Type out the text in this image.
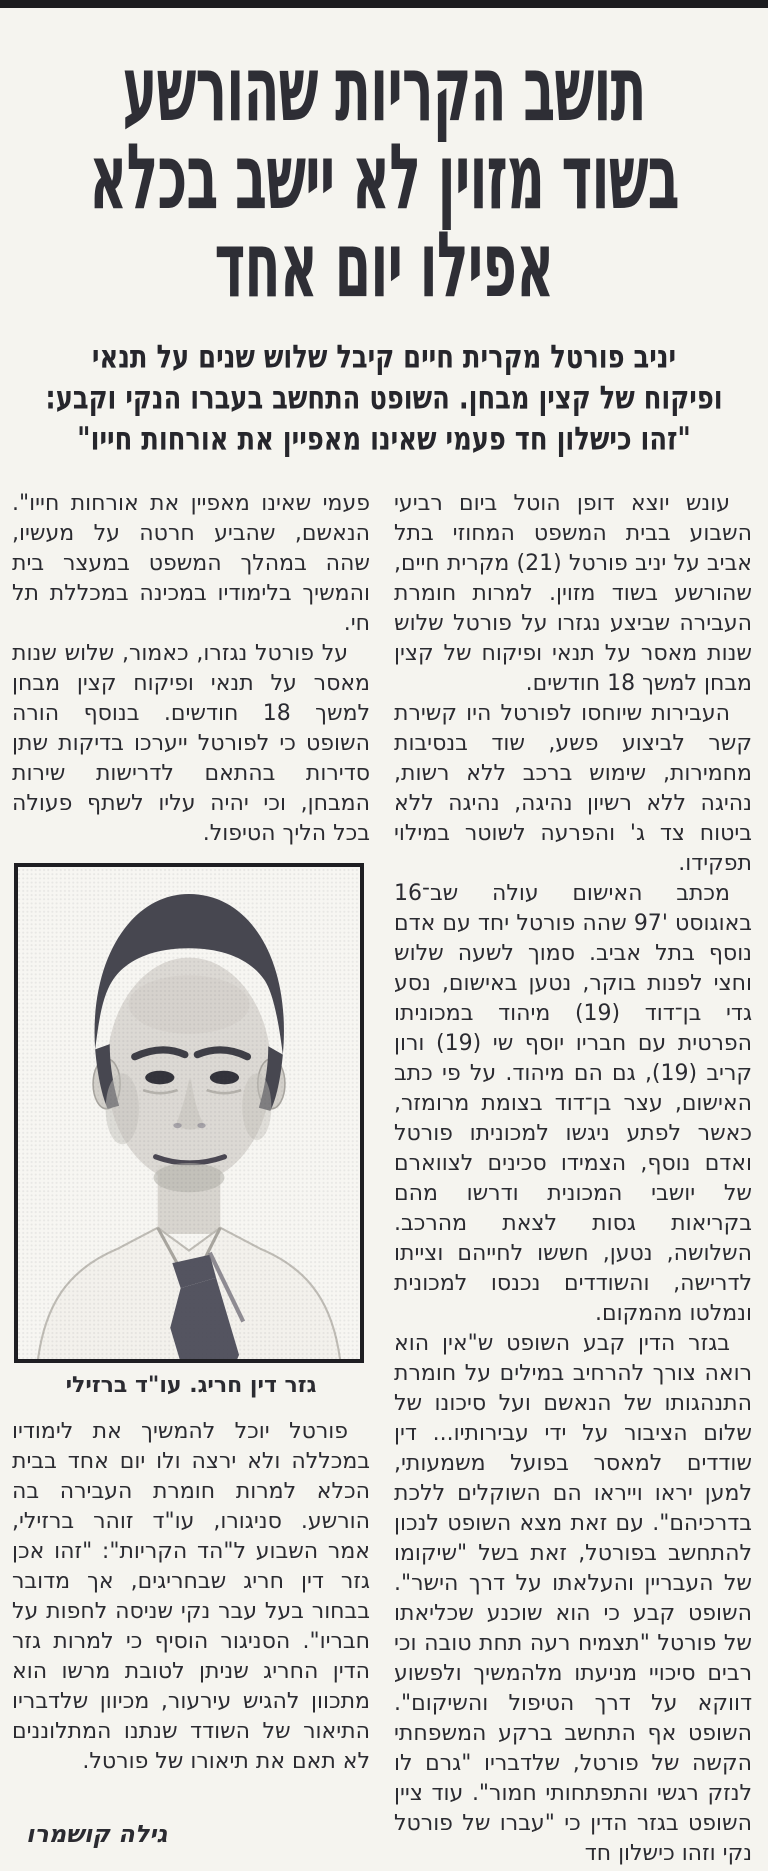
תושב הקריות שהורשע
בשוד מזוין לא יישב בכלא
אפילו יום אחד
יניב פורטל מקרית חיים קיבל שלוש שנים על תנאי
ופיקוח של קצין מבחן. השופט התחשב בעברו הנקי וקבע:
"זהו כישלון חד פעמי שאינו מאפיין את אורחות חייו"

עונש יוצא דופן הוטל ביום רביעי השבוע בבית המשפט המחוזי בתל אביב על יניב פורטל (21) מקרית חיים, שהורשע בשוד מזוין. למרות חומרת העבירה שביצע נגזרו על פורטל שלוש שנות מאסר על תנאי ופיקוח של קצין מבחן למשך 18 חודשים.

העבירות שיוחסו לפורטל היו קשירת קשר לביצוע פשע, שוד בנסיבות מחמירות, שימוש ברכב ללא רשות, נהיגה ללא רשיון נהיגה, נהיגה ללא ביטוח צד ג' והפרעה לשוטר במילוי תפקידו.

מכתב האישום עולה שב־16 באוגוסט '97 שהה פורטל יחד עם אדם נוסף בתל אביב. סמוך לשעה שלוש וחצי לפנות בוקר, נטען באישום, נסע גדי בן־דוד (19) מיהוד במכוניתו הפרטית עם חבריו יוסף שי (19) ורון קריב (19), גם הם מיהוד. על פי כתב האישום, עצר בן־דוד בצומת מרומזר, כאשר לפתע ניגשו למכוניתו פורטל ואדם נוסף, הצמידו סכינים לצווארם של יושבי המכונית ודרשו מהם בקריאות גסות לצאת מהרכב. השלושה, נטען, חששו לחייהם וצייתו לדרישה, והשודדים נכנסו למכונית ונמלטו מהמקום.

בגזר הדין קבע השופט ש"אין הוא רואה צורך להרחיב במילים על חומרת התנהגותו של הנאשם ועל סיכונו של שלום הציבור על ידי עבירותיו... דין שודדים למאסר בפועל משמעותי, למען יראו וייראו הם השוקלים ללכת בדרכיהם". עם זאת מצא השופט לנכון להתחשב בפורטל, זאת בשל "שיקומו של העבריין והעלאתו על דרך הישר". השופט קבע כי הוא שוכנע שכליאתו של פורטל "תצמיח רעה תחת טובה וכי רבים סיכויי מניעתו מלהמשיך ולפשוע דווקא על דרך הטיפול והשיקום". השופט אף התחשב ברקע המשפחתי הקשה של פורטל, שלדבריו "גרם לו לנזק רגשי והתפתחותי חמור". עוד ציין השופט בגזר הדין כי "עברו של פורטל נקי וזהו כישלון חד

פעמי שאינו מאפיין את אורחות חייו". הנאשם, שהביע חרטה על מעשיו, שהה במהלך המשפט במעצר בית והמשיך בלימודיו במכינה במכללת תל חי.

על פורטל נגזרו, כאמור, שלוש שנות מאסר על תנאי ופיקוח קצין מבחן למשך 18 חודשים. בנוסף הורה השופט כי לפורטל ייערכו בדיקות שתן סדירות בהתאם לדרישות שירות המבחן, וכי יהיה עליו לשתף פעולה בכל הליך הטיפול.

גזר דין חריג. עו"ד ברזילי

פורטל יוכל להמשיך את לימודיו במכללה ולא ירצה ולו יום אחד בבית הכלא למרות חומרת העבירה בה הורשע. סניגורו, עו"ד זוהר ברזילי, אמר השבוע ל"הד הקריות": "זהו אכן גזר דין חריג שבחריגים, אך מדובר בבחור בעל עבר נקי שניסה לחפות על חבריו". הסניגור הוסיף כי למרות גזר הדין החריג שניתן לטובת מרשו הוא מתכוון להגיש עירעור, מכיוון שלדבריו התיאור של השודד שנתנו המתלוננים לא תאם את תיאורו של פורטל.

גילה קושמרו
